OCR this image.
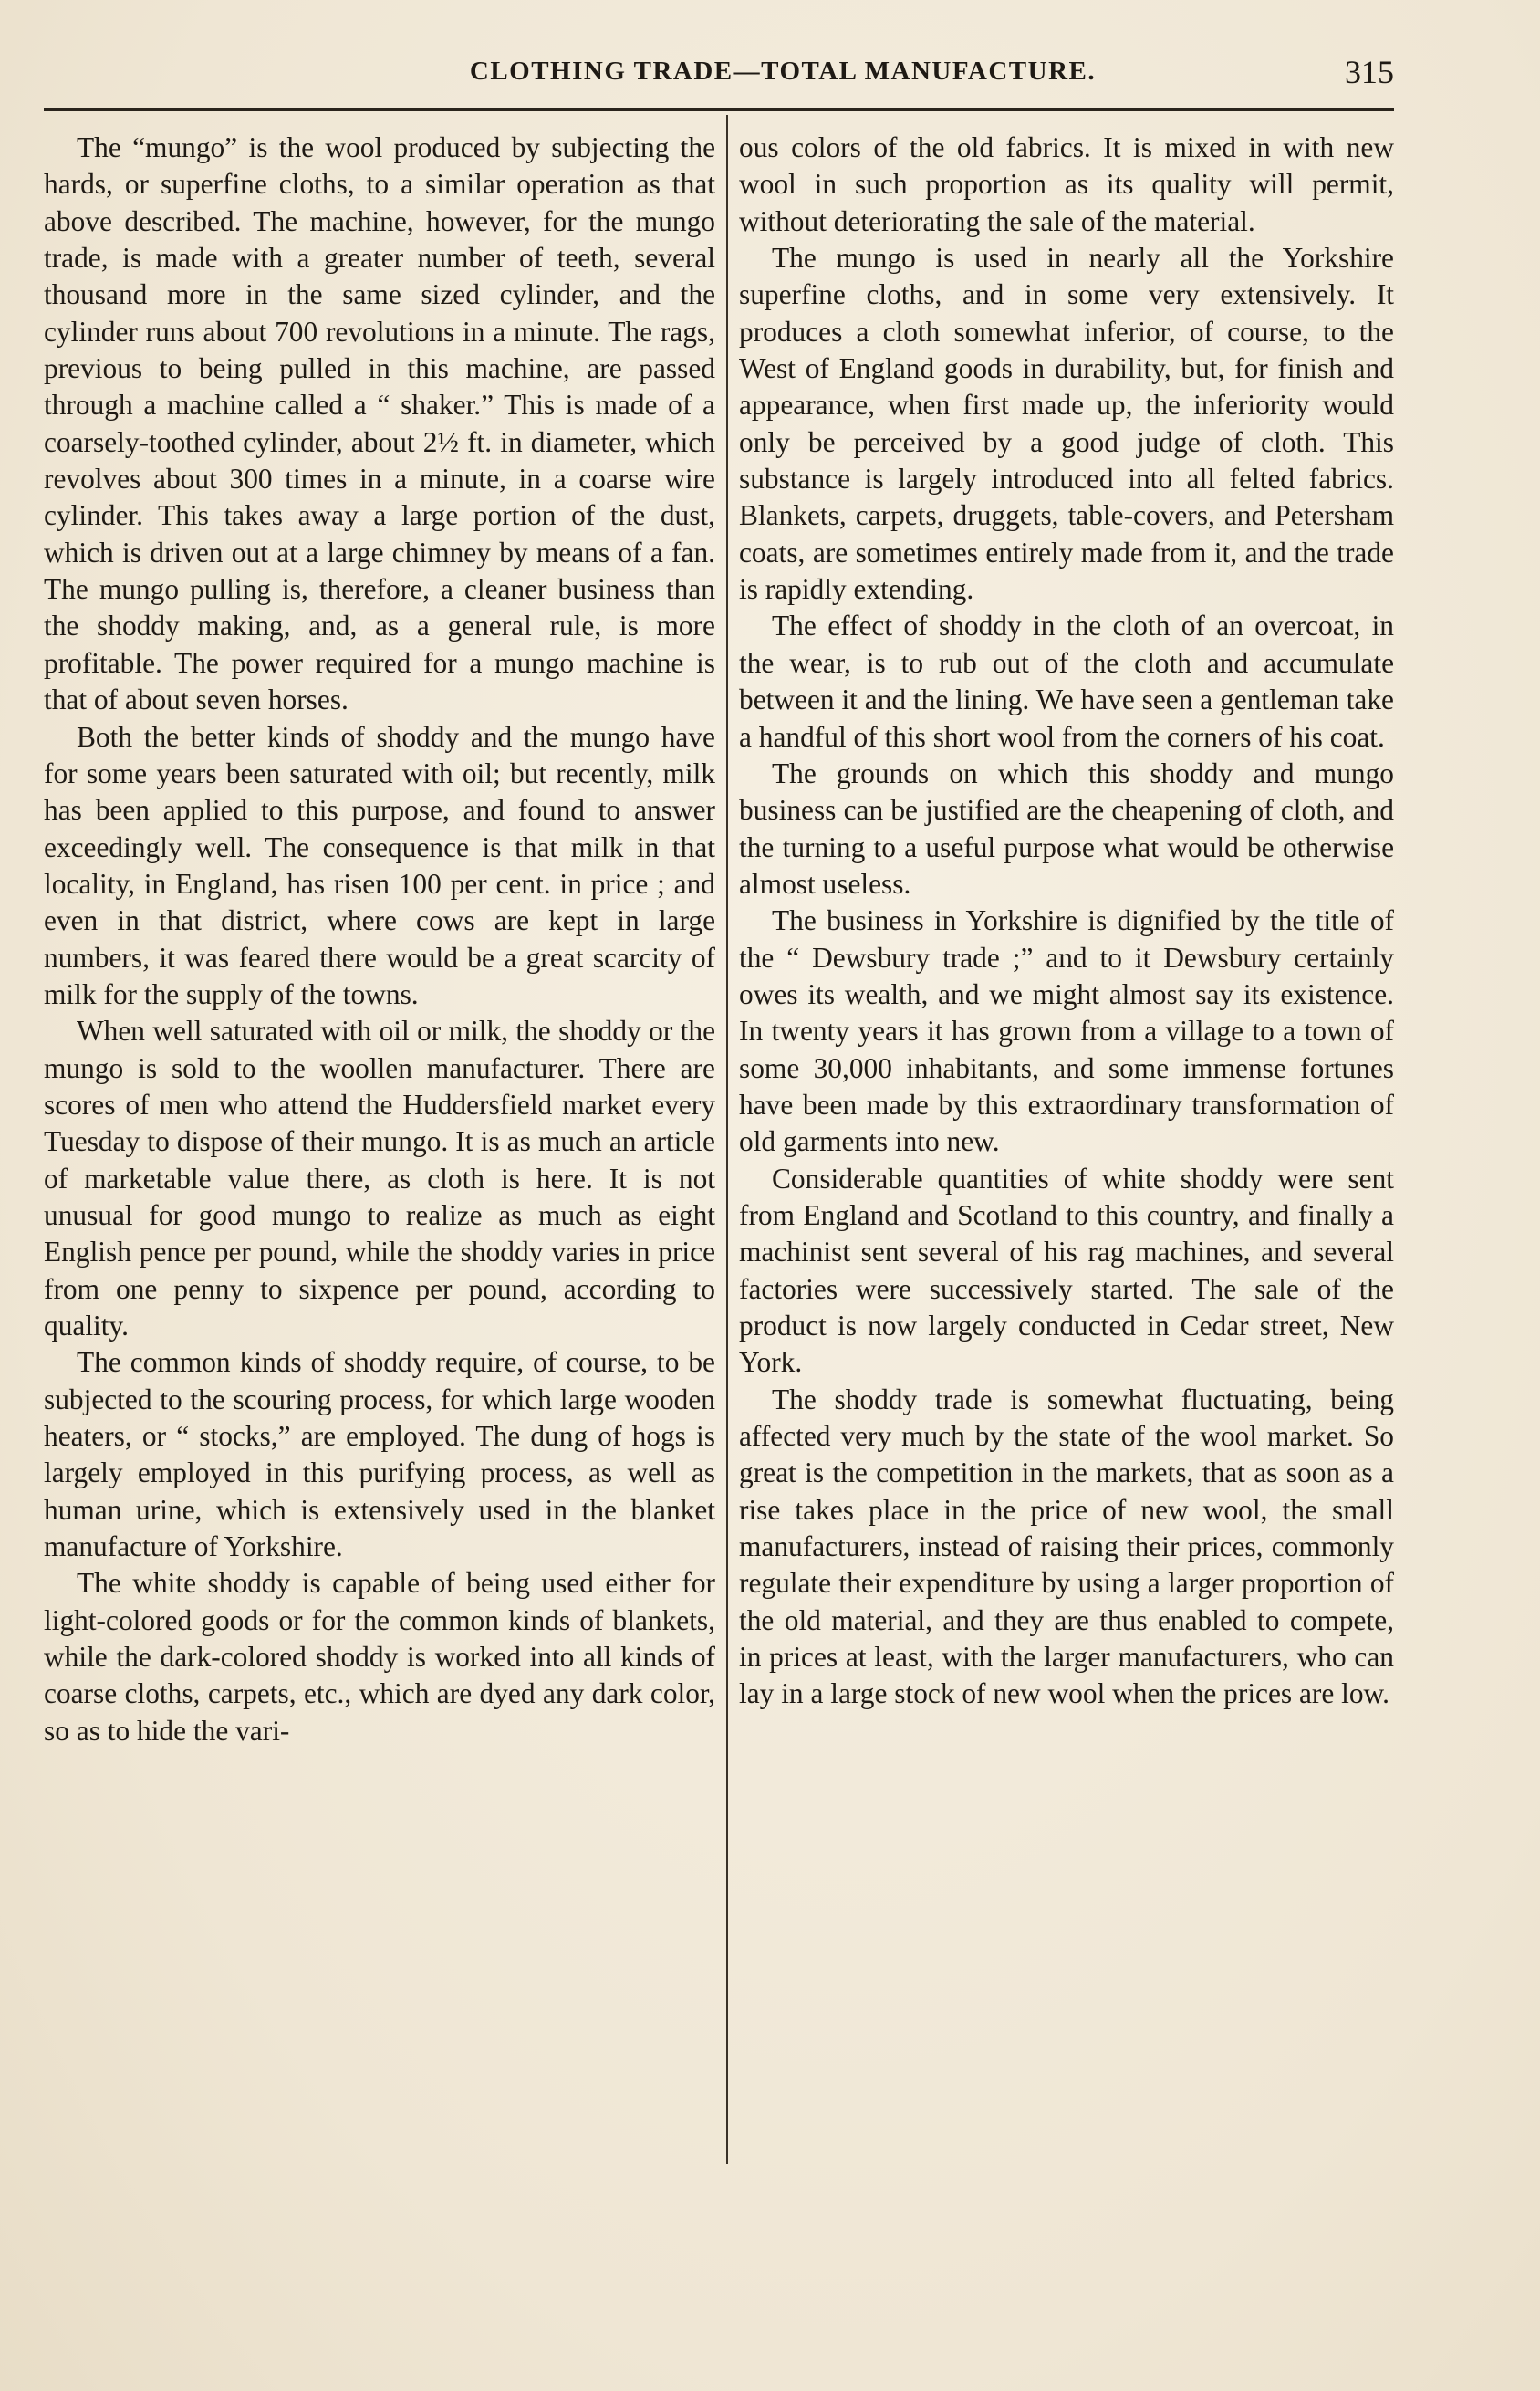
CLOTHING TRADE—TOTAL MANUFACTURE.	315

The “mungo” is the wool produced by subjecting the hards, or superfine cloths, to a similar operation as that above described. The machine, however, for the mungo trade, is made with a greater number of teeth, several thousand more in the same sized cylinder, and the cylinder runs about 700 revolutions in a minute. The rags, previous to being pulled in this machine, are passed through a machine called a “ shaker.” This is made of a coarsely-toothed cylinder, about 2½ ft. in diameter, which revolves about 300 times in a minute, in a coarse wire cylinder. This takes away a large portion of the dust, which is driven out at a large chimney by means of a fan. The mungo pulling is, therefore, a cleaner business than the shoddy making, and, as a general rule, is more profitable. The power required for a mungo machine is that of about seven horses.

Both the better kinds of shoddy and the mungo have for some years been saturated with oil; but recently, milk has been applied to this purpose, and found to answer exceedingly well. The consequence is that milk in that locality, in England, has risen 100 per cent. in price ; and even in that district, where cows are kept in large numbers, it was feared there would be a great scarcity of milk for the supply of the towns.

When well saturated with oil or milk, the shoddy or the mungo is sold to the woollen manufacturer. There are scores of men who attend the Huddersfield market every Tuesday to dispose of their mungo. It is as much an article of marketable value there, as cloth is here. It is not unusual for good mungo to realize as much as eight English pence per pound, while the shoddy varies in price from one penny to sixpence per pound, according to quality.

The common kinds of shoddy require, of course, to be subjected to the scouring process, for which large wooden heaters, or “ stocks,” are employed. The dung of hogs is largely employed in this purifying process, as well as human urine, which is extensively used in the blanket manufacture of Yorkshire.

The white shoddy is capable of being used either for light-colored goods or for the common kinds of blankets, while the dark-colored shoddy is worked into all kinds of coarse cloths, carpets, etc., which are dyed any dark color, so as to hide the vari-

ous colors of the old fabrics. It is mixed in with new wool in such proportion as its quality will permit, without deteriorating the sale of the material.

The mungo is used in nearly all the Yorkshire superfine cloths, and in some very extensively. It produces a cloth somewhat inferior, of course, to the West of England goods in durability, but, for finish and appearance, when first made up, the inferiority would only be perceived by a good judge of cloth. This substance is largely introduced into all felted fabrics. Blankets, carpets, druggets, table-covers, and Petersham coats, are sometimes entirely made from it, and the trade is rapidly extending.

The effect of shoddy in the cloth of an overcoat, in the wear, is to rub out of the cloth and accumulate between it and the lining. We have seen a gentleman take a handful of this short wool from the corners of his coat.

The grounds on which this shoddy and mungo business can be justified are the cheapening of cloth, and the turning to a useful purpose what would be otherwise almost useless.

The business in Yorkshire is dignified by the title of the “ Dewsbury trade ;” and to it Dewsbury certainly owes its wealth, and we might almost say its existence. In twenty years it has grown from a village to a town of some 30,000 inhabitants, and some immense fortunes have been made by this extraordinary transformation of old garments into new.

Considerable quantities of white shoddy were sent from England and Scotland to this country, and finally a machinist sent several of his rag machines, and several factories were successively started. The sale of the product is now largely conducted in Cedar street, New York.

The shoddy trade is somewhat fluctuating, being affected very much by the state of the wool market. So great is the competition in the markets, that as soon as a rise takes place in the price of new wool, the small manufacturers, instead of raising their prices, commonly regulate their expenditure by using a larger proportion of the old material, and they are thus enabled to compete, in prices at least, with the larger manufacturers, who can lay in a large stock of new wool when the prices are low.
